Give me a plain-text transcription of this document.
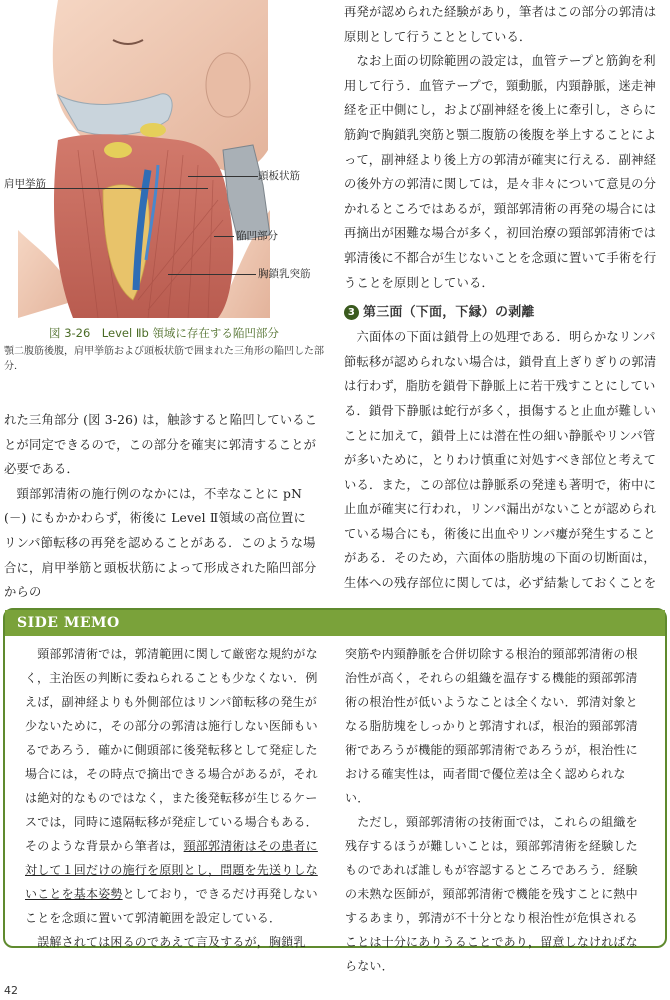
頭板状筋
肩甲挙筋
陥凹部分
胸鎖乳突筋
図 3-26　Level Ⅱb 領域に存在する陥凹部分
顎二腹筋後腹，肩甲挙筋および頭板状筋で囲まれた三角形の陥凹した部分．

れた三角部分 (図 3-26) は，触診すると陥凹していることが同定できるので，この部分を確実に郭清することが必要である．

　頸部郭清術の施行例のなかには，不幸なことに pN (－) にもかかわらず，術後に Level Ⅱ領域の高位置にリンパ節転移の再発を認めることがある．このような場合に，肩甲挙筋と頭板状筋によって形成された陥凹部分からの

再発が認められた経験があり，筆者はこの部分の郭清は原則として行うこととしている．

　なお上面の切除範囲の設定は，血管テープと筋鉤を利用して行う．血管テープで，頸動脈，内頸静脈，迷走神経を正中側にし，および副神経を後上に牽引し，さらに筋鉤で胸鎖乳突筋と顎二腹筋の後腹を挙上することによって，副神経より後上方の郭清が確実に行える．副神経の後外方の郭清に関しては，是々非々について意見の分かれるところではあるが，頸部郭清術の再発の場合には再摘出が困難な場合が多く，初回治療の頸部郭清術では郭清後に不都合が生じないことを念頭に置いて手術を行うことを原則としている．

3 第三面（下面，下縁）の剥離

　六面体の下面は鎖骨上の処理である．明らかなリンパ節転移が認められない場合は，鎖骨直上ぎりぎりの郭清は行わず，脂肪を鎖骨下静脈上に若干残すことにしている．鎖骨下静脈は蛇行が多く，損傷すると止血が難しいことに加えて，鎖骨上には潜在性の細い静脈やリンパ管が多いために，とりわけ慎重に対処すべき部位と考えている．また，この部位は静脈系の発達も著明で，術中に止血が確実に行われ，リンパ漏出がないことが認められている場合にも，術後に出血やリンパ瘻が発生することがある．そのため，六面体の脂肪塊の下面の切断面は，生体への残存部位に関しては，必ず結紮しておくことを

SIDE MEMO

　頸部郭清術では，郭清範囲に関して厳密な規約がなく，主治医の判断に委ねられることも少なくない．例えば，副神経よりも外側部位はリンパ節転移の発生が少ないために，その部分の郭清は施行しない医師もいるであろう．確かに側頭部に後発転移として発症した場合には，その時点で摘出できる場合があるが，それは絶対的なものではなく，また後発転移が生じるケースでは，同時に遠隔転移が発症している場合もある．そのような背景から筆者は，頸部郭清術はその患者に対して１回だけの施行を原則とし，問題を先送りしないことを基本姿勢としており，できるだけ再発しないことを念頭に置いて郭清範囲を設定している．

　誤解されては困るのであえて言及するが，胸鎖乳

突筋や内頸静脈を合併切除する根治的頸部郭清術の根治性が高く，それらの組織を温存する機能的頸部郭清術の根治性が低いようなことは全くない．郭清対象となる脂肪塊をしっかりと郭清すれば，根治的頸部郭清術であろうが機能的頸部郭清術であろうが，根治性における確実性は，両者間で優位差は全く認められない．

　ただし，頸部郭清術の技術面では，これらの組織を残存するほうが難しいことは，頸部郭清術を経験したものであれば誰しもが容認するところであろう．経験の未熟な医師が，頸部郭清術で機能を残すことに熱中するあまり，郭清が不十分となり根治性が危惧されることは十分にありうることであり，留意しなければならない．

42
